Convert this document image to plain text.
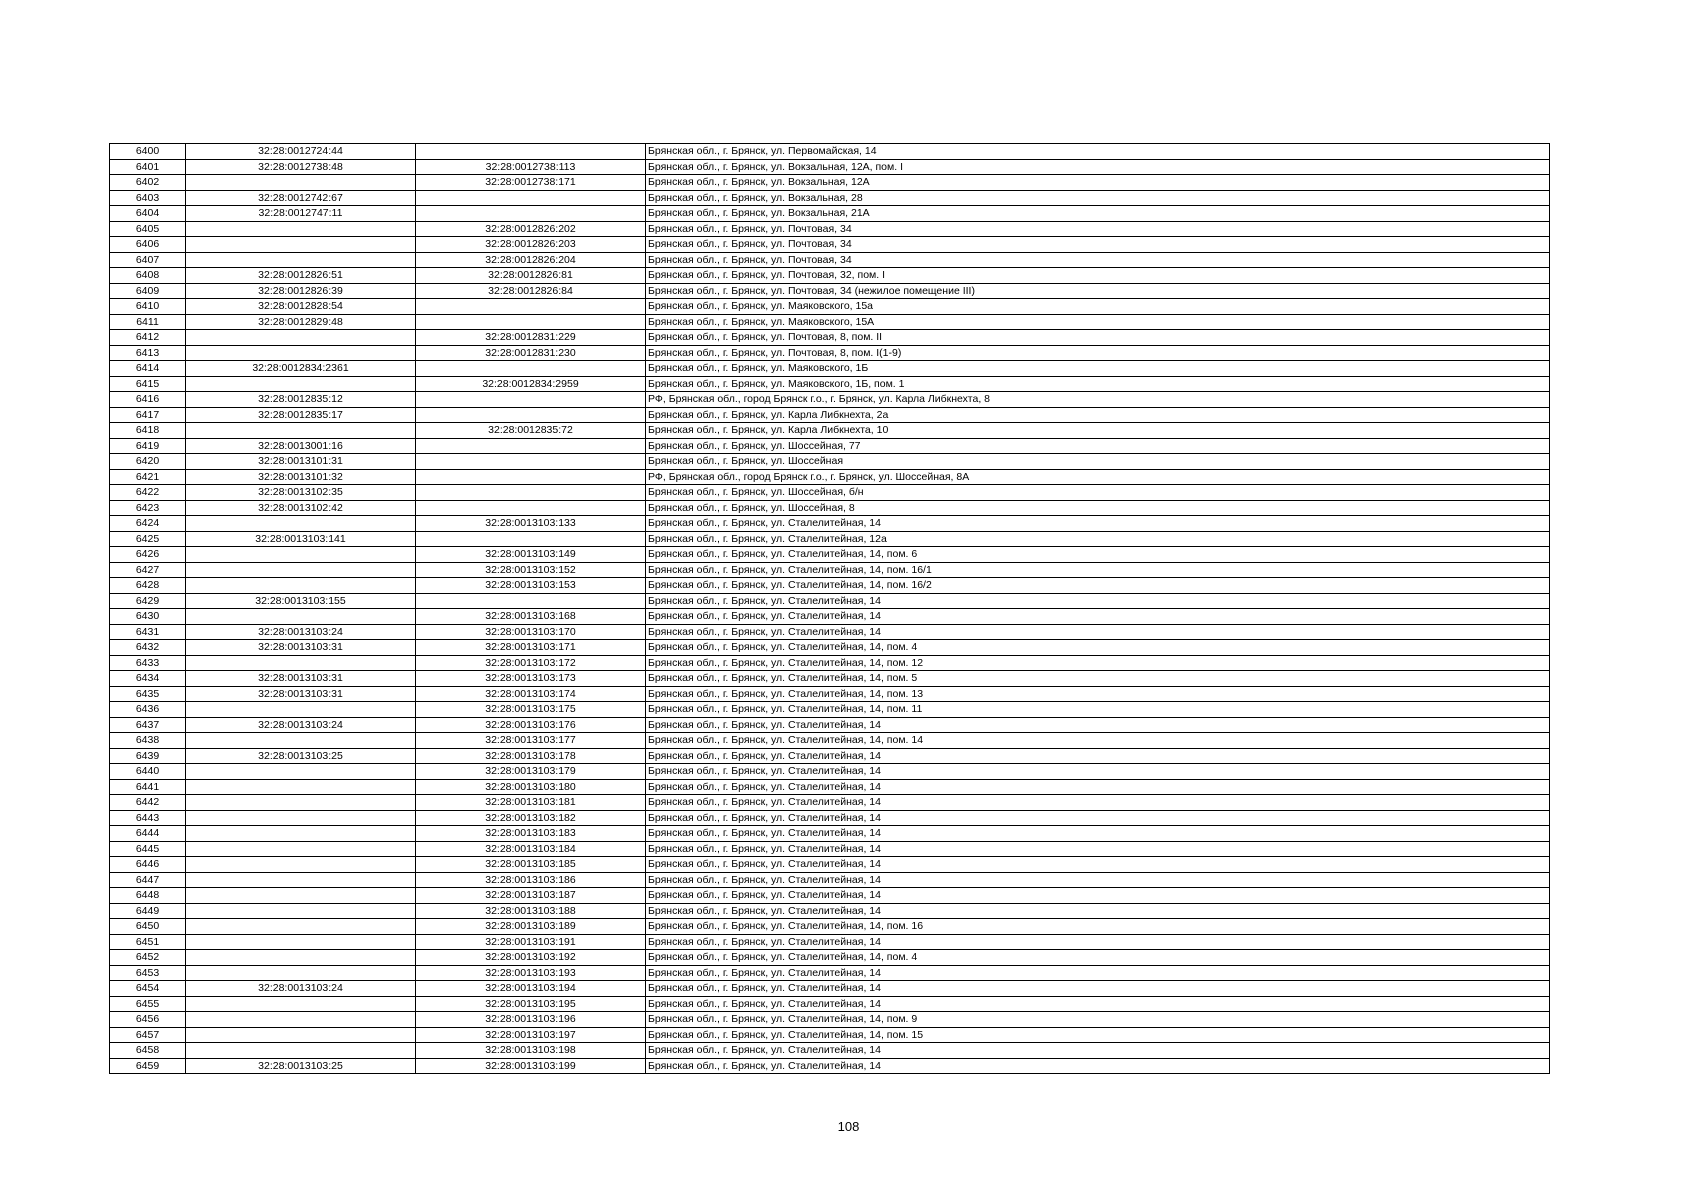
6400	32:28:0012724:44		Брянская обл., г. Брянск, ул. Первомайская, 14
6401	32:28:0012738:48	32:28:0012738:113	Брянская обл., г. Брянск, ул. Вокзальная, 12А, пом. I
6402		32:28:0012738:171	Брянская обл., г. Брянск, ул. Вокзальная, 12А
6403	32:28:0012742:67		Брянская обл., г. Брянск, ул. Вокзальная, 28
6404	32:28:0012747:11		Брянская обл., г. Брянск, ул. Вокзальная, 21А
6405		32:28:0012826:202	Брянская обл., г. Брянск, ул. Почтовая, 34
6406		32:28:0012826:203	Брянская обл., г. Брянск, ул. Почтовая, 34
6407		32:28:0012826:204	Брянская обл., г. Брянск, ул. Почтовая, 34
6408	32:28:0012826:51	32:28:0012826:81	Брянская обл., г. Брянск, ул. Почтовая, 32, пом. I
6409	32:28:0012826:39	32:28:0012826:84	Брянская обл., г. Брянск, ул. Почтовая, 34 (нежилое помещение III)
6410	32:28:0012828:54		Брянская обл., г. Брянск, ул. Маяковского, 15а
6411	32:28:0012829:48		Брянская обл., г. Брянск, ул. Маяковского, 15А
6412		32:28:0012831:229	Брянская обл., г. Брянск, ул. Почтовая, 8, пом. II
6413		32:28:0012831:230	Брянская обл., г. Брянск, ул. Почтовая, 8, пом. I(1-9)
6414	32:28:0012834:2361		Брянская обл., г. Брянск, ул. Маяковского, 1Б
6415		32:28:0012834:2959	Брянская обл., г. Брянск, ул. Маяковского, 1Б, пом. 1
6416	32:28:0012835:12		РФ, Брянская обл., город Брянск г.о., г. Брянск, ул. Карла Либкнехта, 8
6417	32:28:0012835:17		Брянская обл., г. Брянск, ул. Карла Либкнехта, 2а
6418		32:28:0012835:72	Брянская обл., г. Брянск, ул. Карла Либкнехта, 10
6419	32:28:0013001:16		Брянская обл., г. Брянск, ул. Шоссейная, 77
6420	32:28:0013101:31		Брянская обл., г. Брянск, ул. Шоссейная
6421	32:28:0013101:32		РФ, Брянская обл., город Брянск г.о., г. Брянск, ул. Шоссейная, 8А
6422	32:28:0013102:35		Брянская обл., г. Брянск, ул. Шоссейная, б/н
6423	32:28:0013102:42		Брянская обл., г. Брянск, ул. Шоссейная, 8
6424		32:28:0013103:133	Брянская обл., г. Брянск, ул. Сталелитейная, 14
6425	32:28:0013103:141		Брянская обл., г. Брянск, ул. Сталелитейная, 12а
6426		32:28:0013103:149	Брянская обл., г. Брянск, ул. Сталелитейная, 14, пом. 6
6427		32:28:0013103:152	Брянская обл., г. Брянск, ул. Сталелитейная, 14, пом. 16/1
6428		32:28:0013103:153	Брянская обл., г. Брянск, ул. Сталелитейная, 14, пом. 16/2
6429	32:28:0013103:155		Брянская обл., г. Брянск, ул. Сталелитейная, 14
6430		32:28:0013103:168	Брянская обл., г. Брянск, ул. Сталелитейная, 14
6431	32:28:0013103:24	32:28:0013103:170	Брянская обл., г. Брянск, ул. Сталелитейная, 14
6432	32:28:0013103:31	32:28:0013103:171	Брянская обл., г. Брянск, ул. Сталелитейная, 14, пом. 4
6433		32:28:0013103:172	Брянская обл., г. Брянск, ул. Сталелитейная, 14, пом. 12
6434	32:28:0013103:31	32:28:0013103:173	Брянская обл., г. Брянск, ул. Сталелитейная, 14, пом. 5
6435	32:28:0013103:31	32:28:0013103:174	Брянская обл., г. Брянск, ул. Сталелитейная, 14, пом. 13
6436		32:28:0013103:175	Брянская обл., г. Брянск, ул. Сталелитейная, 14, пом. 11
6437	32:28:0013103:24	32:28:0013103:176	Брянская обл., г. Брянск, ул. Сталелитейная, 14
6438		32:28:0013103:177	Брянская обл., г. Брянск, ул. Сталелитейная, 14, пом. 14
6439	32:28:0013103:25	32:28:0013103:178	Брянская обл., г. Брянск, ул. Сталелитейная, 14
6440		32:28:0013103:179	Брянская обл., г. Брянск, ул. Сталелитейная, 14
6441		32:28:0013103:180	Брянская обл., г. Брянск, ул. Сталелитейная, 14
6442		32:28:0013103:181	Брянская обл., г. Брянск, ул. Сталелитейная, 14
6443		32:28:0013103:182	Брянская обл., г. Брянск, ул. Сталелитейная, 14
6444		32:28:0013103:183	Брянская обл., г. Брянск, ул. Сталелитейная, 14
6445		32:28:0013103:184	Брянская обл., г. Брянск, ул. Сталелитейная, 14
6446		32:28:0013103:185	Брянская обл., г. Брянск, ул. Сталелитейная, 14
6447		32:28:0013103:186	Брянская обл., г. Брянск, ул. Сталелитейная, 14
6448		32:28:0013103:187	Брянская обл., г. Брянск, ул. Сталелитейная, 14
6449		32:28:0013103:188	Брянская обл., г. Брянск, ул. Сталелитейная, 14
6450		32:28:0013103:189	Брянская обл., г. Брянск, ул. Сталелитейная, 14, пом. 16
6451		32:28:0013103:191	Брянская обл., г. Брянск, ул. Сталелитейная, 14
6452		32:28:0013103:192	Брянская обл., г. Брянск, ул. Сталелитейная, 14, пом. 4
6453		32:28:0013103:193	Брянская обл., г. Брянск, ул. Сталелитейная, 14
6454	32:28:0013103:24	32:28:0013103:194	Брянская обл., г. Брянск, ул. Сталелитейная, 14
6455		32:28:0013103:195	Брянская обл., г. Брянск, ул. Сталелитейная, 14
6456		32:28:0013103:196	Брянская обл., г. Брянск, ул. Сталелитейная, 14, пом. 9
6457		32:28:0013103:197	Брянская обл., г. Брянск, ул. Сталелитейная, 14, пом. 15
6458		32:28:0013103:198	Брянская обл., г. Брянск, ул. Сталелитейная, 14
6459	32:28:0013103:25	32:28:0013103:199	Брянская обл., г. Брянск, ул. Сталелитейная, 14
108
